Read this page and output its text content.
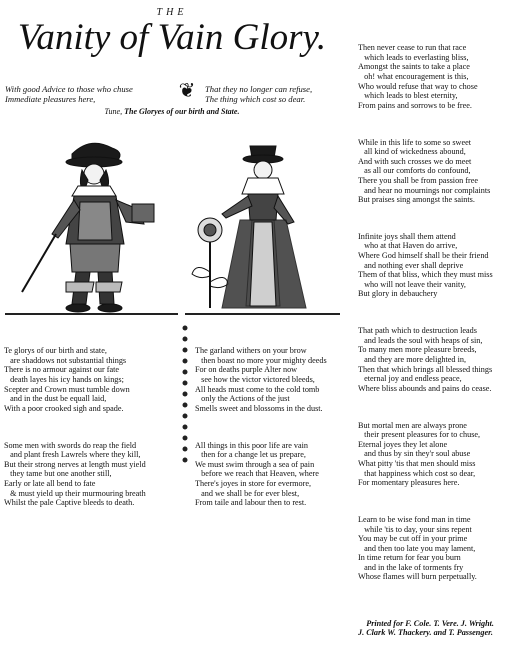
THE
Vanity of Vain Glory.
With good Advice to those who chuse
Immediate pleasures here,	❦ That they no longer can refuse,
The thing which cost so dear.
Tune, The Gloryes of our birth and State.

Te glorys of our birth and state,
are shaddows not substantial things
There is no armour against our fate
death layes his icy hands on kings;
Scepter and Crown must tumble down
and in the dust be equall laid,
With a poor crooked sigh and spade.

Some men with swords do reap the field
and plant fresh Lawrels where they kill,
But their strong nerves at length must yield
they tame but one another still,
Early or late all bend to fate
& must yield up their murmouring breath
Whilst the pale Captive bleeds to death.

The garland withers on your brow
then boast no more your mighty deeds
For on deaths purple Alter now
see how the victor victored bleeds,
All heads must come to the cold tomb
only the Actions of the just
Smells sweet and blossoms in the dust.

All things in this poor life are vain
then for a change let us prepare,
We must swim through a sea of pain
before we reach that Heaven, where
There's joyes in store for evermore,
and we shall be for ever blest,
From taile and labour then to rest.

Then never cease to run that race
which leads to everlasting bliss,
Amongst the saints to take a place
oh! what encouragement is this,
Who would refuse that way to chose
which leads to blest eternity,
From pains and sorrows to be free.

While in this life to some so sweet
all kind of wickedness abound,
And with such crosses we do meet
as all our comforts do confound,
There you shall be from passion free
and hear no mournings nor complaints
But praises sing amongst the saints.

Infinite joys shall them attend
who at that Haven do arrive,
Where God himself shall be their friend
and nothing ever shall deprive
Them of that bliss, which they must miss
who will not leave their vanity,
But glory in debauchery

That path which to destruction leads
and leads the soul with heaps of sin,
To many men more pleasure breeds,
and they are more delighted in,
Then that which brings all blessed things
eternal joy and endless peace,
Where bliss abounds and pains do cease.

But mortal men are always prone
their present pleasures for to chuse,
Eternal joyes they let alone
and thus by sin they'r soul abuse
What pitty 'tis that men should miss
that happiness which cost so dear,
For momentary pleasures here.

Learn to be wise fond man in time
while 'tis to day, your sins repent
You may be cut off in your prime
and then too late you may lament,
In time return for fear you burn
and in the lake of torments fry
Whose flames will burn perpetually.

Printed for F. Cole. T. Vere. J. Wright.
J. Clark W. Thackery. and T. Passenger.
